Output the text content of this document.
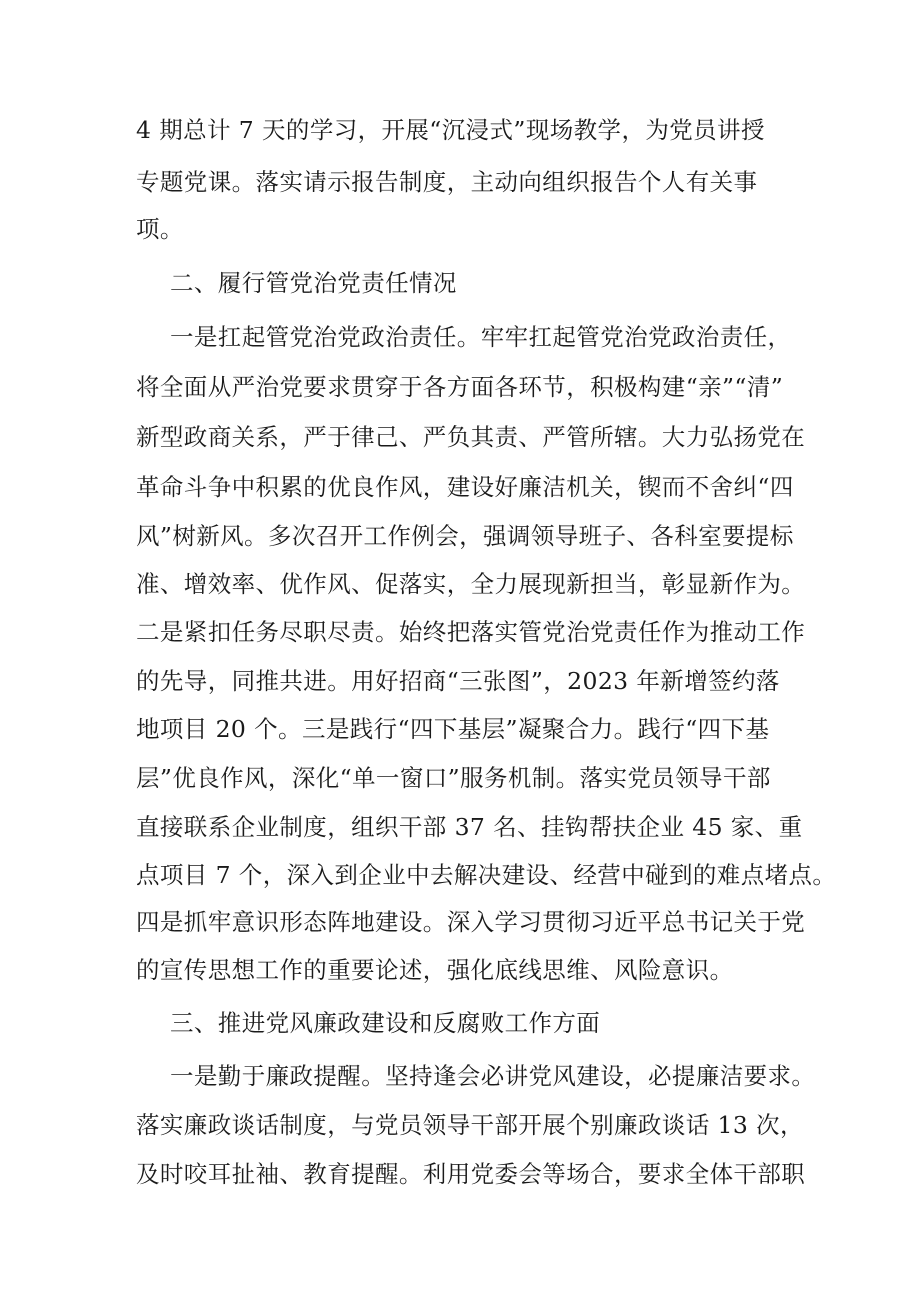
4 期总计 7 天的学习，开展“沉浸式”现场教学，为党员讲授
专题党课。落实请示报告制度，主动向组织报告个人有关事
项。
二、履行管党治党责任情况
一是扛起管党治党政治责任。牢牢扛起管党治党政治责任，
将全面从严治党要求贯穿于各方面各环节，积极构建“亲”“清”
新型政商关系，严于律己、严负其责、严管所辖。大力弘扬党在
革命斗争中积累的优良作风，建设好廉洁机关，锲而不舍纠“四
风”树新风。多次召开工作例会，强调领导班子、各科室要提标
准、增效率、优作风、促落实，全力展现新担当，彰显新作为。
二是紧扣任务尽职尽责。始终把落实管党治党责任作为推动工作
的先导，同推共进。用好招商“三张图”，2023 年新增签约落
地项目 20 个。三是践行“四下基层”凝聚合力。践行“四下基
层”优良作风，深化“单一窗口”服务机制。落实党员领导干部
直接联系企业制度，组织干部 37 名、挂钩帮扶企业 45 家、重
点项目 7 个，深入到企业中去解决建设、经营中碰到的难点堵点。
四是抓牢意识形态阵地建设。深入学习贯彻习近平总书记关于党
的宣传思想工作的重要论述，强化底线思维、风险意识。
三、推进党风廉政建设和反腐败工作方面
一是勤于廉政提醒。坚持逢会必讲党风建设，必提廉洁要求。
落实廉政谈话制度，与党员领导干部开展个别廉政谈话 13 次，
及时咬耳扯袖、教育提醒。利用党委会等场合，要求全体干部职
